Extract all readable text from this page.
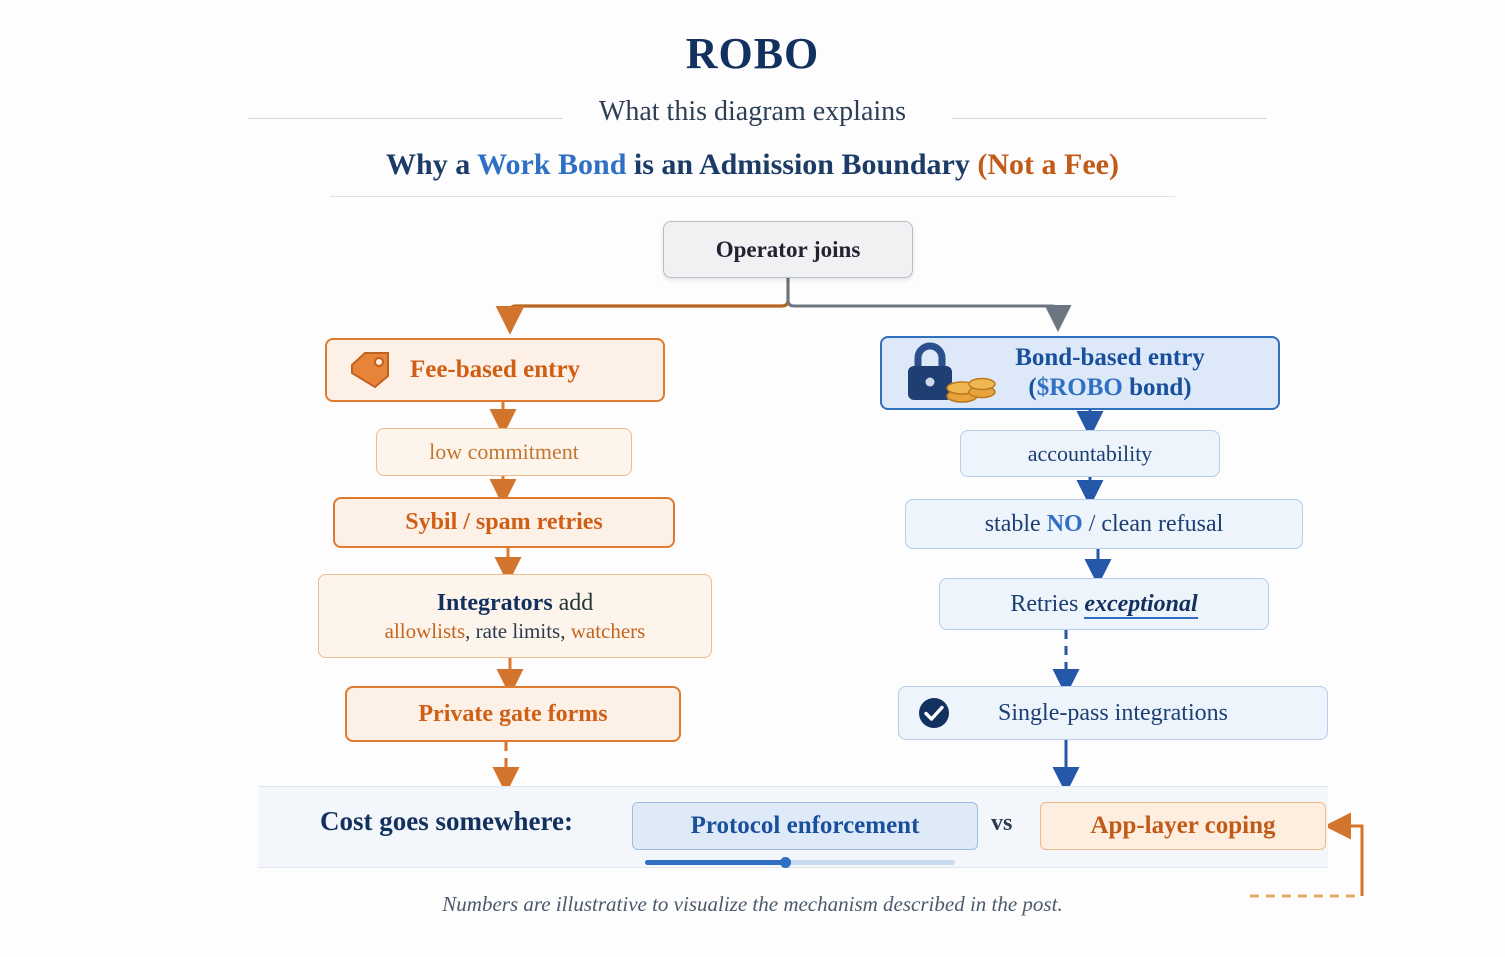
ROBO
What this diagram explains
Why a Work Bond is an Admission Boundary (Not a Fee)
Operator joins
Fee-based entry
low commitment
Sybil / spam retries
Integrators add
allowlists, rate limits, watchers
Private gate forms
Bond-based entry
($ROBO bond)
accountability
stable NO / clean refusal
Retries exceptional
Single-pass integrations
Cost goes somewhere:	Protocol enforcement	vs	App-layer coping
Numbers are illustrative to visualize the mechanism described in the post.
